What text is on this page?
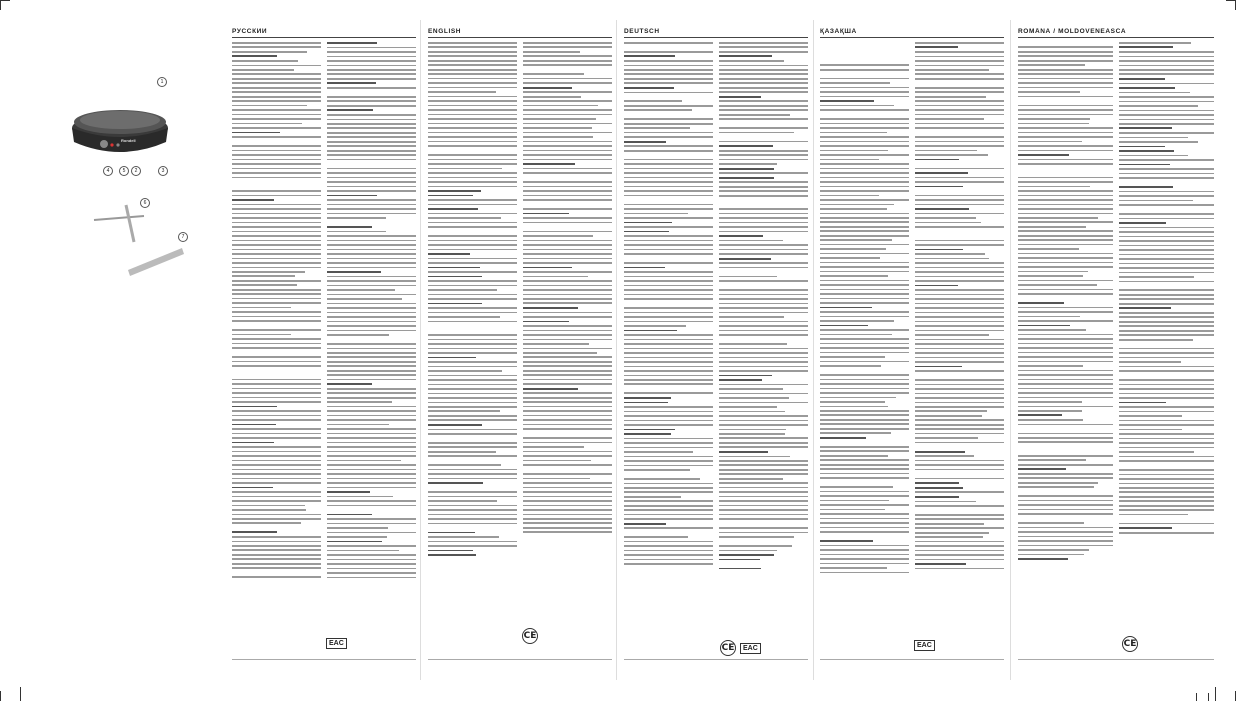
РУССКИЙ
EAC
ENGLISH
CE
DEUTSCH
CE	EAC
ҚАЗАҚША
EAC
ROMÂNĂ / MOLDOVENEASCĂ
CE
1
4	5	2	3
6
7
Rondell
